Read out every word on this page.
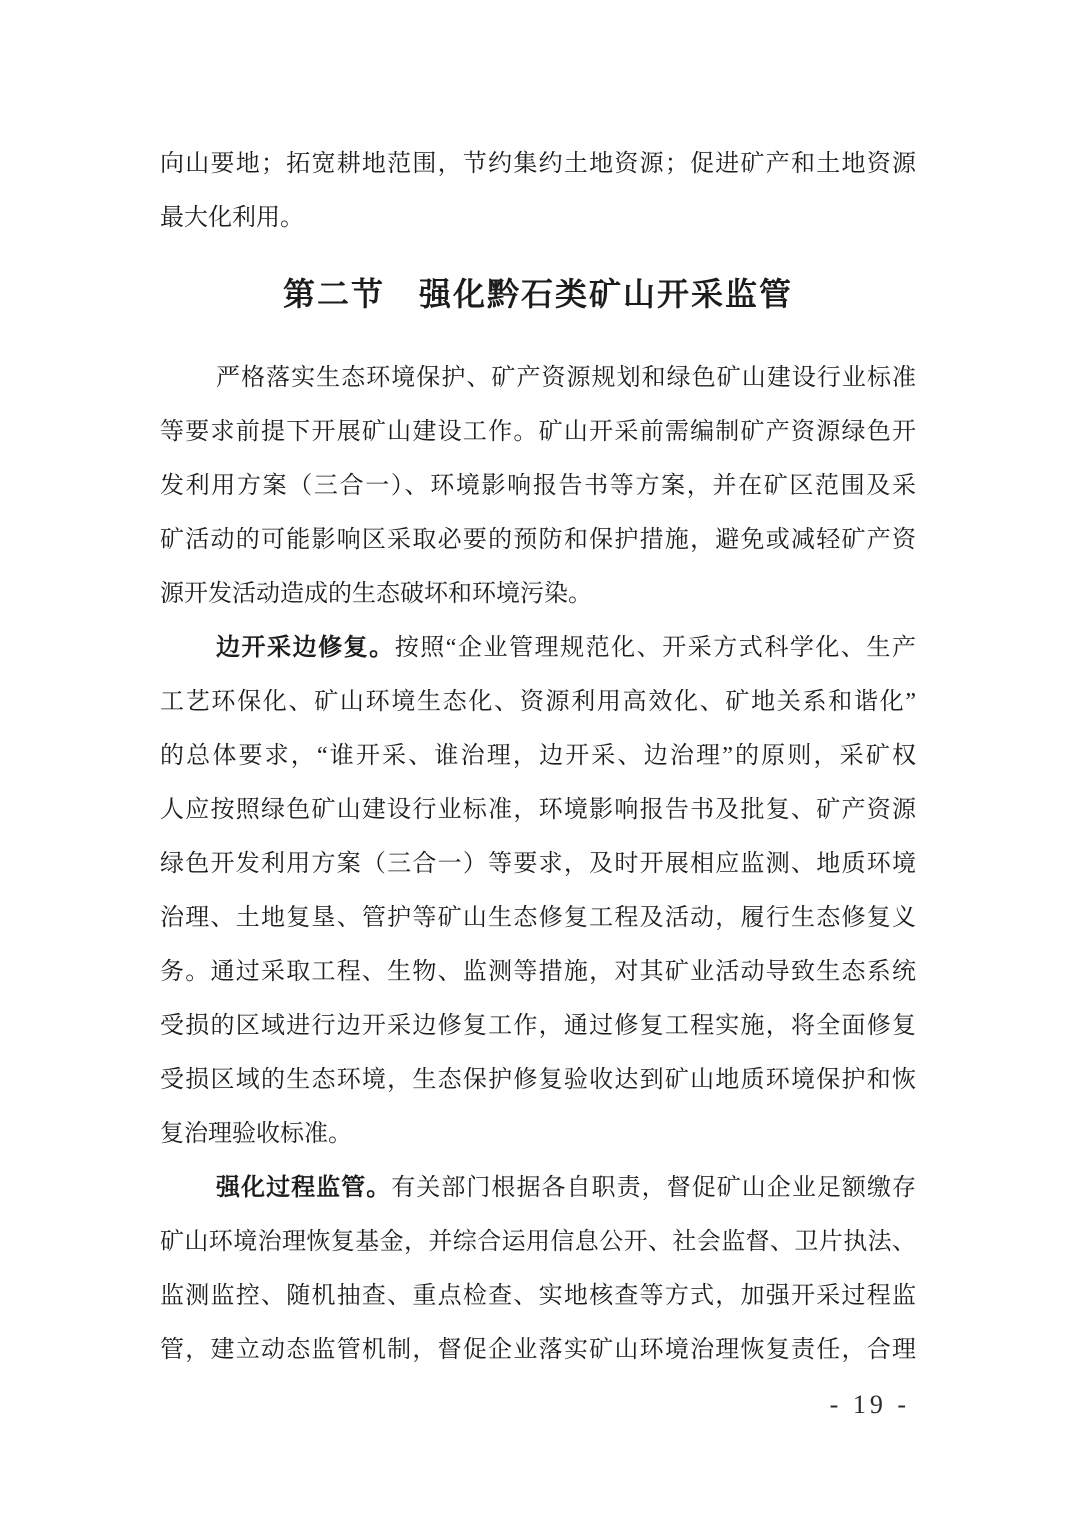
向山要地；拓宽耕地范围，节约集约土地资源；促进矿产和土地资源
最大化利用。
第二节　强化黔石类矿山开采监管
严格落实生态环境保护、矿产资源规划和绿色矿山建设行业标准
等要求前提下开展矿山建设工作。矿山开采前需编制矿产资源绿色开
发利用方案（三合一）、环境影响报告书等方案，并在矿区范围及采
矿活动的可能影响区采取必要的预防和保护措施，避免或减轻矿产资
源开发活动造成的生态破坏和环境污染。
边开采边修复。按照“企业管理规范化、开采方式科学化、生产
工艺环保化、矿山环境生态化、资源利用高效化、矿地关系和谐化”
的总体要求，“谁开采、谁治理，边开采、边治理”的原则，采矿权
人应按照绿色矿山建设行业标准，环境影响报告书及批复、矿产资源
绿色开发利用方案（三合一）等要求，及时开展相应监测、地质环境
治理、土地复垦、管护等矿山生态修复工程及活动，履行生态修复义
务。通过采取工程、生物、监测等措施，对其矿业活动导致生态系统
受损的区域进行边开采边修复工作，通过修复工程实施，将全面修复
受损区域的生态环境，生态保护修复验收达到矿山地质环境保护和恢
复治理验收标准。
强化过程监管。有关部门根据各自职责，督促矿山企业足额缴存
矿山环境治理恢复基金，并综合运用信息公开、社会监督、卫片执法、
监测监控、随机抽查、重点检查、实地核查等方式，加强开采过程监
管，建立动态监管机制，督促企业落实矿山环境治理恢复责任，合理
- 19 -
